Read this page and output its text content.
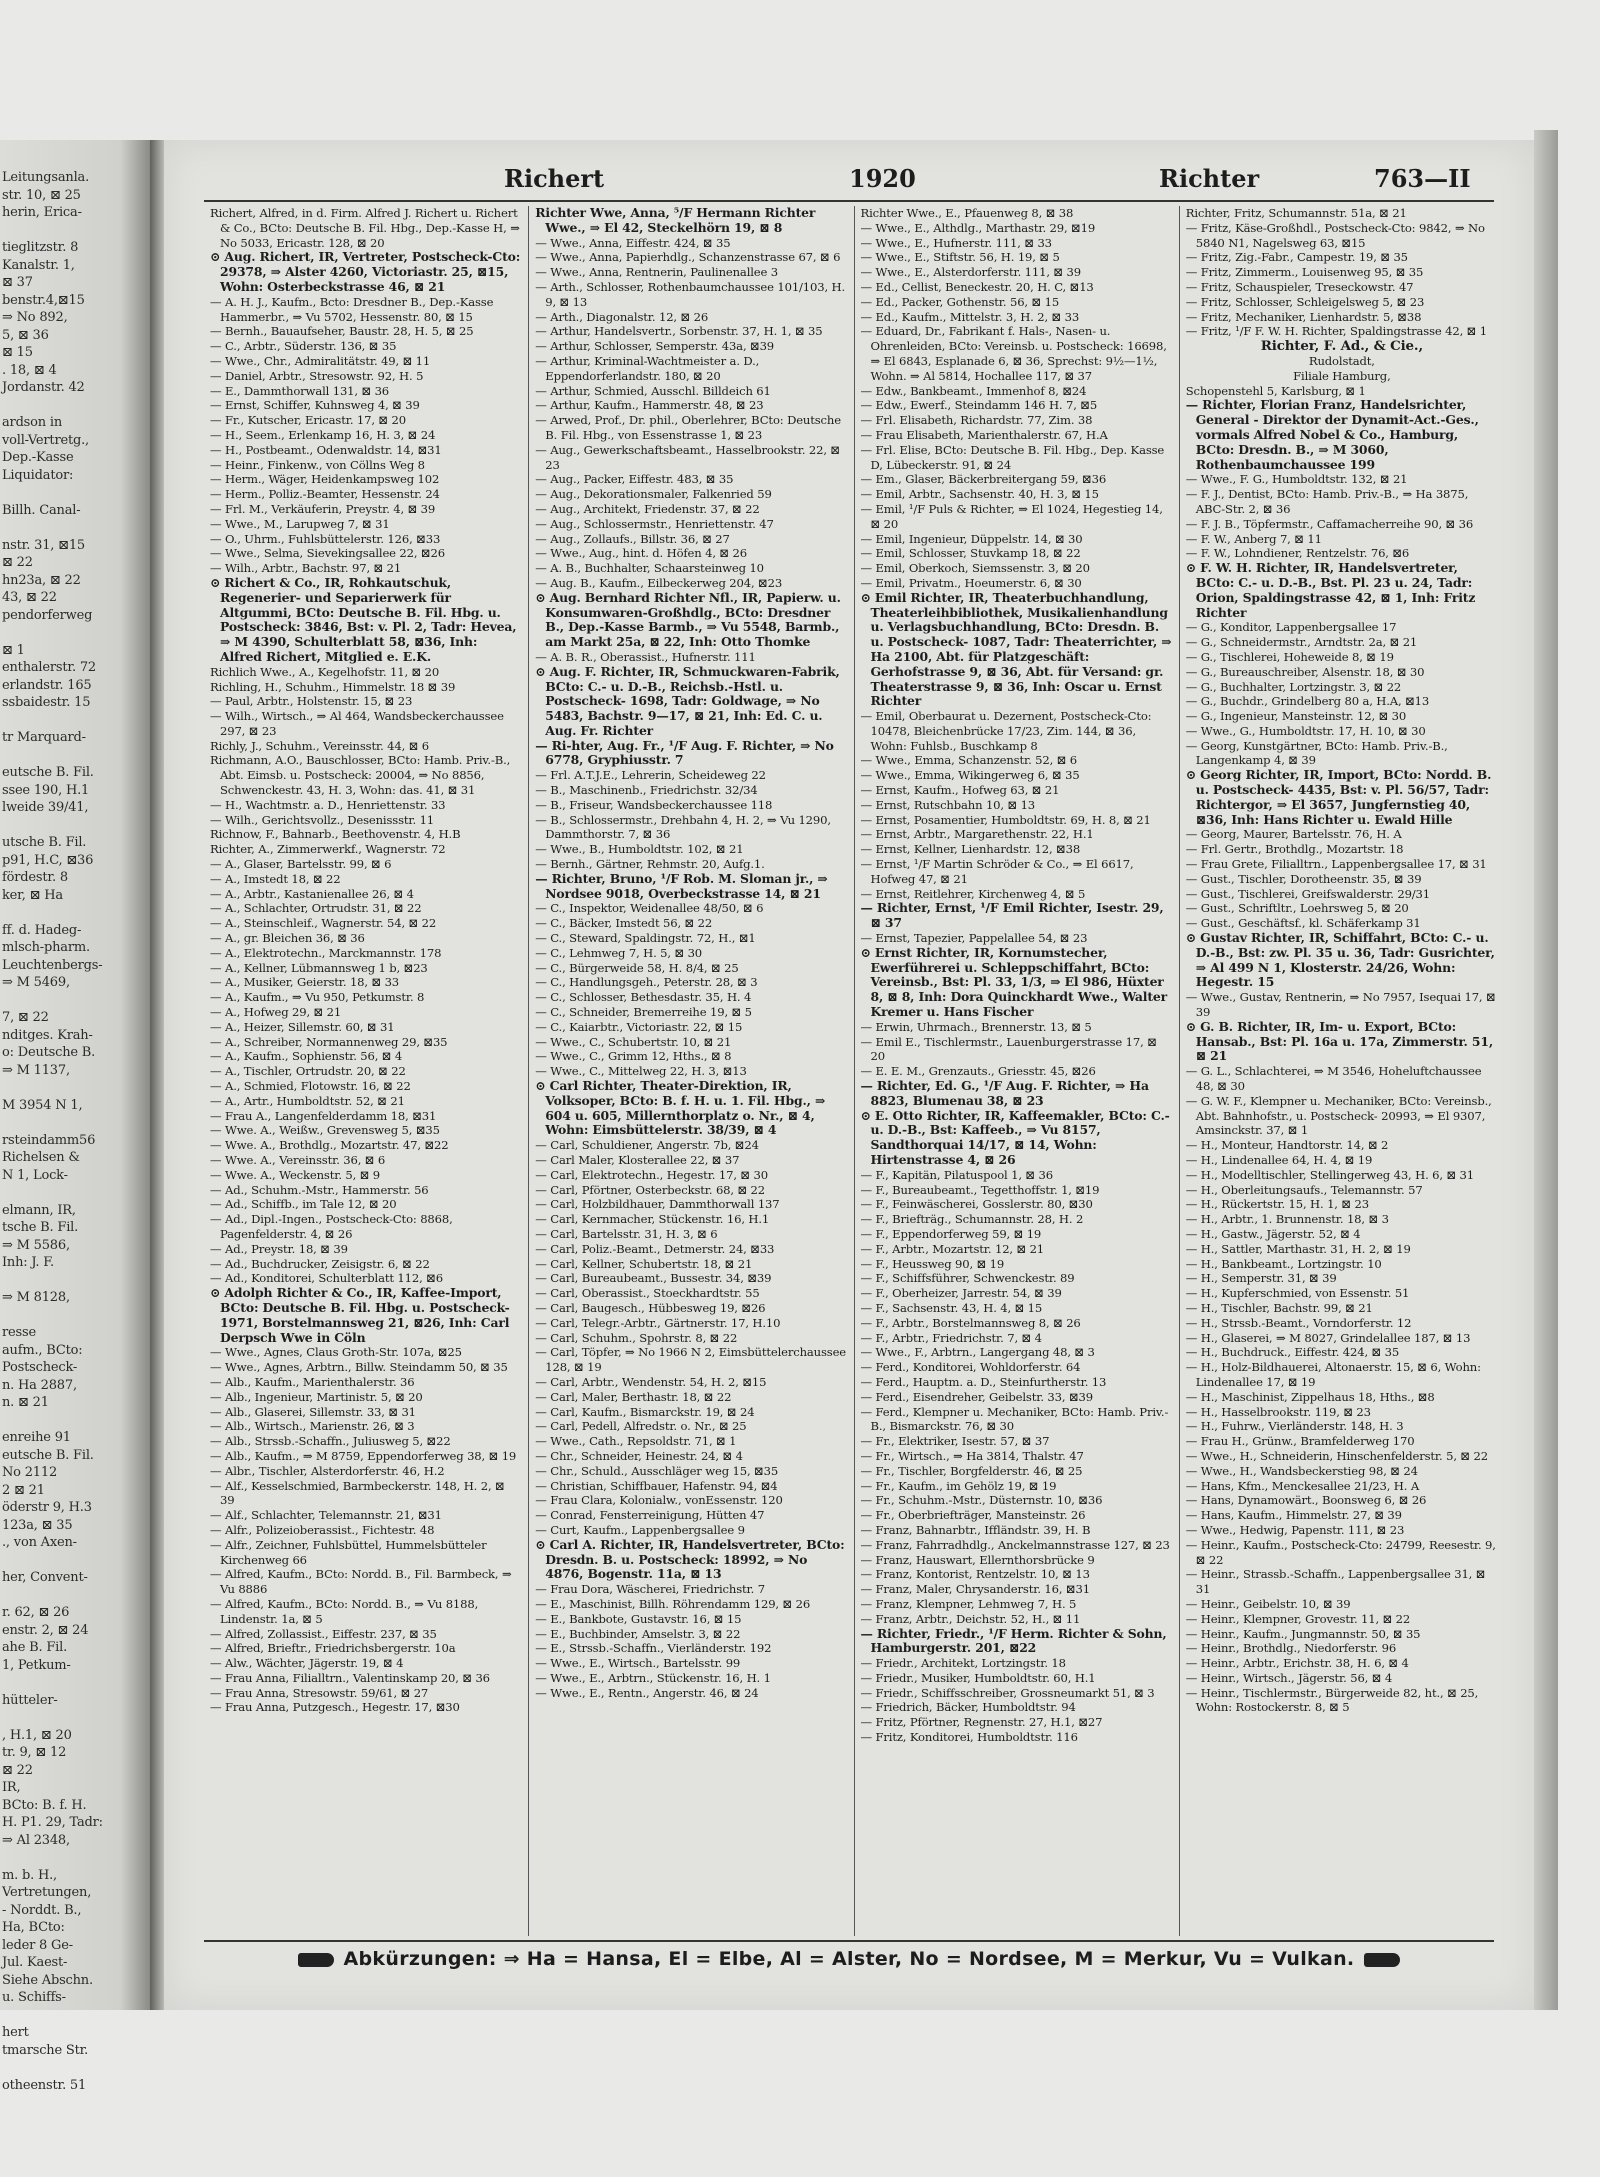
Leitungsanla.
str. 10, ⊠ 25
herin, Erica-
tieglitzstr. 8
Kanalstr. 1,
⊠ 37
benstr.4,⊠15
⇒ No 892,
5, ⊠ 36
⊠ 15
. 18, ⊠ 4
Jordanstr. 42
ardson in
voll-Vertretg.,
Dep.-Kasse
Liquidator:
Billh. Canal-
nstr. 31, ⊠15
⊠ 22
hn23a, ⊠ 22
43, ⊠ 22
pendorferweg
⊠ 1
enthalerstr. 72
erlandstr. 165
ssbaidestr. 15
tr Marquard-
eutsche B. Fil.
ssee 190, H.1
lweide 39/41,
utsche B. Fil.
p91, H.C, ⊠36
fördestr. 8
ker, ⊠ Ha
ff. d. Hadeg-
mlsch-pharm.
Leuchtenbergs-
⇒ M 5469,
7, ⊠ 22
nditges. Krah-
o: Deutsche B.
⇒ M 1137,
M 3954 N 1,
rsteindamm56
Richelsen &
N 1, Lock-
elmann, IR,
tsche B. Fil.
⇒ M 5586,
Inh: J. F.
⇒ M 8128,
resse
aufm., BCto:
Postscheck-
n. Ha 2887,
n. ⊠ 21
enreihe 91
eutsche B. Fil.
No 2112
2 ⊠ 21
öderstr 9, H.3
123a, ⊠ 35
., von Axen-
her, Convent-
r. 62, ⊠ 26
enstr. 2, ⊠ 24
ahe B. Fil.
1, Petkum-
hütteler-
, H.1, ⊠ 20
tr. 9, ⊠ 12
⊠ 22
IR,
BCto: B. f. H.
H. P1. 29, Tadr:
⇒ Al 2348,
m. b. H.,
Vertretungen,
- Norddt. B.,
Ha, BCto:
leder 8 Ge-
Jul. Kaest-
Siehe Abschn.
u. Schiffs-
hert
tmarsche Str.
otheenstr. 51
Richert	1920	Richter	763—II

Richert, Alfred, in d. Firm. Alfred J. Richert u. Richert & Co., BCto: Deutsche B. Fil. Hbg., Dep.-Kasse H, ⇒ No 5033, Ericastr. 128, ⊠ 20

⊙ Aug. Richert, IR, Vertreter, Postscheck-Cto: 29378, ⇒ Alster 4260, Victoriastr. 25, ⊠15, Wohn: Osterbeckstrasse 46, ⊠ 21

— A. H. J., Kaufm., Bcto: Dresdner B., Dep.-Kasse Hammerbr., ⇒ Vu 5702, Hessenstr. 80, ⊠ 15

— Bernh., Bauaufseher, Baustr. 28, H. 5, ⊠ 25

— C., Arbtr., Süderstr. 136, ⊠ 35

— Wwe., Chr., Admiralitätstr. 49, ⊠ 11

— Daniel, Arbtr., Stresowstr. 92, H. 5

— E., Dammthorwall 131, ⊠ 36

— Ernst, Schiffer, Kuhnsweg 4, ⊠ 39

— Fr., Kutscher, Ericastr. 17, ⊠ 20

— H., Seem., Erlenkamp 16, H. 3, ⊠ 24

— H., Postbeamt., Odenwaldstr. 14, ⊠31

— Heinr., Finkenw., von Cöllns Weg 8

— Herm., Wäger, Heidenkampsweg 102

— Herm., Polliz.-Beamter, Hessenstr. 24

— Frl. M., Verkäuferin, Preystr. 4, ⊠ 39

— Wwe., M., Larupweg 7, ⊠ 31

— O., Uhrm., Fuhlsbüttelerstr. 126, ⊠33

— Wwe., Selma, Sievekingsallee 22, ⊠26

— Wilh., Arbtr., Bachstr. 97, ⊠ 21

⊙ Richert & Co., IR, Rohkautschuk, Regenerier- und Separierwerk für Altgummi, BCto: Deutsche B. Fil. Hbg. u. Postscheck: 3846, Bst: v. Pl. 2, Tadr: Hevea, ⇒ M 4390, Schulterblatt 58, ⊠36, Inh: Alfred Richert, Mitglied e. E.K.

Richlich Wwe., A., Kegelhofstr. 11, ⊠ 20

Richling, H., Schuhm., Himmelstr. 18 ⊠ 39

— Paul, Arbtr., Holstenstr. 15, ⊠ 23

— Wilh., Wirtsch., ⇒ Al 464, Wandsbeckerchaussee 297, ⊠ 23

Richly, J., Schuhm., Vereinsstr. 44, ⊠ 6

Richmann, A.O., Bauschlosser, BCto: Hamb. Priv.-B., Abt. Eimsb. u. Postscheck: 20004, ⇒ No 8856, Schwenckestr. 43, H. 3, Wohn: das. 41, ⊠ 31

— H., Wachtmstr. a. D., Henriettenstr. 33

— Wilh., Gerichtsvollz., Desenissstr. 11

Richnow, F., Bahnarb., Beethovenstr. 4, H.B

Richter, A., Zimmerwerkf., Wagnerstr. 72

— A., Glaser, Bartelsstr. 99, ⊠ 6

— A., Imstedt 18, ⊠ 22

— A., Arbtr., Kastanienallee 26, ⊠ 4

— A., Schlachter, Ortrudstr. 31, ⊠ 22

— A., Steinschleif., Wagnerstr. 54, ⊠ 22

— A., gr. Bleichen 36, ⊠ 36

— A., Elektrotechn., Marckmannstr. 178

— A., Kellner, Lübmannsweg 1 b, ⊠23

— A., Musiker, Geierstr. 18, ⊠ 33

— A., Kaufm., ⇒ Vu 950, Petkumstr. 8

— A., Hofweg 29, ⊠ 21

— A., Heizer, Sillemstr. 60, ⊠ 31

— A., Schreiber, Normannenweg 29, ⊠35

— A., Kaufm., Sophienstr. 56, ⊠ 4

— A., Tischler, Ortrudstr. 20, ⊠ 22

— A., Schmied, Flotowstr. 16, ⊠ 22

— A., Artr., Humboldtstr. 52, ⊠ 21

— Frau A., Langenfelderdamm 18, ⊠31

— Wwe. A., Weißw., Grevensweg 5, ⊠35

— Wwe. A., Brothdlg., Mozartstr. 47, ⊠22

— Wwe. A., Vereinsstr. 36, ⊠ 6

— Wwe. A., Weckenstr. 5, ⊠ 9

— Ad., Schuhm.-Mstr., Hammerstr. 56

— Ad., Schiffb., im Tale 12, ⊠ 20

— Ad., Dipl.-Ingen., Postscheck-Cto: 8868, Pagenfelderstr. 4, ⊠ 26

— Ad., Preystr. 18, ⊠ 39

— Ad., Buchdrucker, Zeisigstr. 6, ⊠ 22

— Ad., Konditorei, Schulterblatt 112, ⊠6

⊙ Adolph Richter & Co., IR, Kaffee-Import, BCto: Deutsche B. Fil. Hbg. u. Postscheck- 1971, Borstelmannsweg 21, ⊠26, Inh: Carl Derpsch Wwe in Cöln

— Wwe., Agnes, Claus Groth-Str. 107a, ⊠25

— Wwe., Agnes, Arbtrn., Billw. Steindamm 50, ⊠ 35

— Alb., Kaufm., Marienthalerstr. 36

— Alb., Ingenieur, Martinistr. 5, ⊠ 20

— Alb., Glaserei, Sillemstr. 33, ⊠ 31

— Alb., Wirtsch., Marienstr. 26, ⊠ 3

— Alb., Strssb.-Schaffn., Juliusweg 5, ⊠22

— Alb., Kaufm., ⇒ M 8759, Eppendorferweg 38, ⊠ 19

— Albr., Tischler, Alsterdorferstr. 46, H.2

— Alf., Kesselschmied, Barmbeckerstr. 148, H. 2, ⊠ 39

— Alf., Schlachter, Telemannstr. 21, ⊠31

— Alfr., Polizeioberassist., Fichtestr. 48

— Alfr., Zeichner, Fuhlsbüttel, Hummelsbütteler Kirchenweg 66

— Alfred, Kaufm., BCto: Nordd. B., Fil. Barmbeck, ⇒ Vu 8886

— Alfred, Kaufm., BCto: Nordd. B., ⇒ Vu 8188, Lindenstr. 1a, ⊠ 5

— Alfred, Zollassist., Eiffestr. 237, ⊠ 35

— Alfred, Brieftr., Friedrichsbergerstr. 10a

— Alw., Wächter, Jägerstr. 19, ⊠ 4

— Frau Anna, Filialltrn., Valentinskamp 20, ⊠ 36

— Frau Anna, Stresowstr. 59/61, ⊠ 27

— Frau Anna, Putzgesch., Hegestr. 17, ⊠30

Richter Wwe, Anna, ⁵/F Hermann Richter Wwe., ⇒ El 42, Steckelhörn 19, ⊠ 8

— Wwe., Anna, Eiffestr. 424, ⊠ 35

— Wwe., Anna, Papierhdlg., Schanzenstrasse 67, ⊠ 6

— Wwe., Anna, Rentnerin, Paulinenallee 3

— Arth., Schlosser, Rothenbaumchaussee 101/103, H. 9, ⊠ 13

— Arth., Diagonalstr. 12, ⊠ 26

— Arthur, Handelsvertr., Sorbenstr. 37, H. 1, ⊠ 35

— Arthur, Schlosser, Semperstr. 43a, ⊠39

— Arthur, Kriminal-Wachtmeister a. D., Eppendorferlandstr. 180, ⊠ 20

— Arthur, Schmied, Ausschl. Billdeich 61

— Arthur, Kaufm., Hammerstr. 48, ⊠ 23

— Arwed, Prof., Dr. phil., Oberlehrer, BCto: Deutsche B. Fil. Hbg., von Essenstrasse 1, ⊠ 23

— Aug., Gewerkschaftsbeamt., Hasselbrookstr. 22, ⊠ 23

— Aug., Packer, Eiffestr. 483, ⊠ 35

— Aug., Dekorationsmaler, Falkenried 59

— Aug., Architekt, Friedenstr. 37, ⊠ 22

— Aug., Schlossermstr., Henriettenstr. 47

— Aug., Zollaufs., Billstr. 36, ⊠ 27

— Wwe., Aug., hint. d. Höfen 4, ⊠ 26

— A. B., Buchhalter, Schaarsteinweg 10

— Aug. B., Kaufm., Eilbeckerweg 204, ⊠23

⊙ Aug. Bernhard Richter Nfl., IR, Papierw. u. Konsumwaren-Großhdlg., BCto: Dresdner B., Dep.-Kasse Barmb., ⇒ Vu 5548, Barmb., am Markt 25a, ⊠ 22, Inh: Otto Thomke

— A. B. R., Oberassist., Hufnerstr. 111

⊙ Aug. F. Richter, IR, Schmuckwaren-Fabrik, BCto: C.- u. D.-B., Reichsb.-Hstl. u. Postscheck- 1698, Tadr: Goldwage, ⇒ No 5483, Bachstr. 9—17, ⊠ 21, Inh: Ed. C. u. Aug. Fr. Richter

— Ri-hter, Aug. Fr., ¹/F Aug. F. Richter, ⇒ No 6778, Gryphiusstr. 7

— Frl. A.T.J.E., Lehrerin, Scheideweg 22

— B., Maschinenb., Friedrichstr. 32/34

— B., Friseur, Wandsbeckerchaussee 118

— B., Schlossermstr., Drehbahn 4, H. 2, ⇒ Vu 1290, Dammthorstr. 7, ⊠ 36

— Wwe., B., Humboldtstr. 102, ⊠ 21

— Bernh., Gärtner, Rehmstr. 20, Aufg.1.

— Richter, Bruno, ¹/F Rob. M. Sloman jr., ⇒ Nordsee 9018, Overbeckstrasse 14, ⊠ 21

— C., Inspektor, Weidenallee 48/50, ⊠ 6

— C., Bäcker, Imstedt 56, ⊠ 22

— C., Steward, Spaldingstr. 72, H., ⊠1

— C., Lehmweg 7, H. 5, ⊠ 30

— C., Bürgerweide 58, H. 8/4, ⊠ 25

— C., Handlungsgeh., Peterstr. 28, ⊠ 3

— C., Schlosser, Bethesdastr. 35, H. 4

— C., Schneider, Bremerreihe 19, ⊠ 5

— C., Kaiarbtr., Victoriastr. 22, ⊠ 15

— Wwe., C., Schubertstr. 10, ⊠ 21

— Wwe., C., Grimm 12, Hths., ⊠ 8

— Wwe., C., Mittelweg 22, H. 3, ⊠13

⊙ Carl Richter, Theater-Direktion, IR, Volksoper, BCto: B. f. H. u. 1. Fil. Hbg., ⇒ 604 u. 605, Millernthorplatz o. Nr., ⊠ 4, Wohn: Eimsbüttelerstr. 38/39, ⊠ 4

— Carl, Schuldiener, Angerstr. 7b, ⊠24

— Carl Maler, Klosterallee 22, ⊠ 37

— Carl, Elektrotechn., Hegestr. 17, ⊠ 30

— Carl, Pförtner, Osterbeckstr. 68, ⊠ 22

— Carl, Holzbildhauer, Dammthorwall 137

— Carl, Kernmacher, Stückenstr. 16, H.1

— Carl, Bartelsstr. 31, H. 3, ⊠ 6

— Carl, Poliz.-Beamt., Detmerstr. 24, ⊠33

— Carl, Kellner, Schubertstr. 18, ⊠ 21

— Carl, Bureaubeamt., Bussestr. 34, ⊠39

— Carl, Oberassist., Stoeckhardtstr. 55

— Carl, Baugesch., Hübbesweg 19, ⊠26

— Carl, Telegr.-Arbtr., Gärtnerstr. 17, H.10

— Carl, Schuhm., Spohrstr. 8, ⊠ 22

— Carl, Töpfer, ⇒ No 1966 N 2, Eimsbüttelerchaussee 128, ⊠ 19

— Carl, Arbtr., Wendenstr. 54, H. 2, ⊠15

— Carl, Maler, Berthastr. 18, ⊠ 22

— Carl, Kaufm., Bismarckstr. 19, ⊠ 24

— Carl, Pedell, Alfredstr. o. Nr., ⊠ 25

— Wwe., Cath., Repsoldstr. 71, ⊠ 1

— Chr., Schneider, Heinestr. 24, ⊠ 4

— Chr., Schuld., Ausschläger weg 15, ⊠35

— Christian, Schiffbauer, Hafenstr. 94, ⊠4

— Frau Clara, Kolonialw., vonEssenstr. 120

— Conrad, Fensterreinigung, Hütten 47

— Curt, Kaufm., Lappenbergsallee 9

⊙ Carl A. Richter, IR, Handelsvertreter, BCto: Dresdn. B. u. Postscheck: 18992, ⇒ No 4876, Bogenstr. 11a, ⊠ 13

— Frau Dora, Wäscherei, Friedrichstr. 7

— E., Maschinist, Billh. Röhrendamm 129, ⊠ 26

— E., Bankbote, Gustavstr. 16, ⊠ 15

— E., Buchbinder, Amselstr. 3, ⊠ 22

— E., Strssb.-Schaffn., Vierländerstr. 192

— Wwe., E., Wirtsch., Bartelsstr. 99

— Wwe., E., Arbtrn., Stückenstr. 16, H. 1

— Wwe., E., Rentn., Angerstr. 46, ⊠ 24

Richter Wwe., E., Pfauenweg 8, ⊠ 38

— Wwe., E., Althdlg., Marthastr. 29, ⊠19

— Wwe., E., Hufnerstr. 111, ⊠ 33

— Wwe., E., Stiftstr. 56, H. 19, ⊠ 5

— Wwe., E., Alsterdorferstr. 111, ⊠ 39

— Ed., Cellist, Beneckestr. 20, H. C, ⊠13

— Ed., Packer, Gothenstr. 56, ⊠ 15

— Ed., Kaufm., Mittelstr. 3, H. 2, ⊠ 33

— Eduard, Dr., Fabrikant f. Hals-, Nasen- u. Ohrenleiden, BCto: Vereinsb. u. Postscheck: 16698, ⇒ El 6843, Esplanade 6, ⊠ 36, Sprechst: 9½—1½, Wohn. ⇒ Al 5814, Hochallee 117, ⊠ 37

— Edw., Bankbeamt., Immenhof 8, ⊠24

— Edw., Ewerf., Steindamm 146 H. 7, ⊠5

— Frl. Elisabeth, Richardstr. 77, Zim. 38

— Frau Elisabeth, Marienthalerstr. 67, H.A

— Frl. Elise, BCto: Deutsche B. Fil. Hbg., Dep. Kasse D, Lübeckerstr. 91, ⊠ 24

— Em., Glaser, Bäckerbreitergang 59, ⊠36

— Emil, Arbtr., Sachsenstr. 40, H. 3, ⊠ 15

— Emil, ¹/F Puls & Richter, ⇒ El 1024, Hegestieg 14, ⊠ 20

— Emil, Ingenieur, Düppelstr. 14, ⊠ 30

— Emil, Schlosser, Stuvkamp 18, ⊠ 22

— Emil, Oberkoch, Siemssenstr. 3, ⊠ 20

— Emil, Privatm., Hoeumerstr. 6, ⊠ 30

⊙ Emil Richter, IR, Theaterbuchhandlung, Theaterleihbibliothek, Musikalienhandlung u. Verlagsbuchhandlung, BCto: Dresdn. B. u. Postscheck- 1087, Tadr: Theaterrichter, ⇒ Ha 2100, Abt. für Platzgeschäft: Gerhofstrasse 9, ⊠ 36, Abt. für Versand: gr. Theaterstrasse 9, ⊠ 36, Inh: Oscar u. Ernst Richter

— Emil, Oberbaurat u. Dezernent, Postscheck-Cto: 10478, Bleichenbrücke 17/23, Zim. 144, ⊠ 36, Wohn: Fuhlsb., Buschkamp 8

— Wwe., Emma, Schanzenstr. 52, ⊠ 6

— Wwe., Emma, Wikingerweg 6, ⊠ 35

— Ernst, Kaufm., Hofweg 63, ⊠ 21

— Ernst, Rutschbahn 10, ⊠ 13

— Ernst, Posamentier, Humboldtstr. 69, H. 8, ⊠ 21

— Ernst, Arbtr., Margarethenstr. 22, H.1

— Ernst, Kellner, Lienhardstr. 12, ⊠38

— Ernst, ¹/F Martin Schröder & Co., ⇒ El 6617, Hofweg 47, ⊠ 21

— Ernst, Reitlehrer, Kirchenweg 4, ⊠ 5

— Richter, Ernst, ¹/F Emil Richter, Isestr. 29, ⊠ 37

— Ernst, Tapezier, Pappelallee 54, ⊠ 23

⊙ Ernst Richter, IR, Kornumstecher, Ewerführerei u. Schleppschiffahrt, BCto: Vereinsb., Bst: Pl. 33, 1/3, ⇒ El 986, Hüxter 8, ⊠ 8, Inh: Dora Quinckhardt Wwe., Walter Kremer u. Hans Fischer

— Erwin, Uhrmach., Brennerstr. 13, ⊠ 5

— Emil E., Tischlermstr., Lauenburgerstrasse 17, ⊠ 20

— E. E. M., Grenzauts., Griesstr. 45, ⊠26

— Richter, Ed. G., ¹/F Aug. F. Richter, ⇒ Ha 8823, Blumenau 38, ⊠ 23

⊙ E. Otto Richter, IR, Kaffeemakler, BCto: C.- u. D.-B., Bst: Kaffeeb., ⇒ Vu 8157, Sandthorquai 14/17, ⊠ 14, Wohn: Hirtenstrasse 4, ⊠ 26

— F., Kapitän, Pilatuspool 1, ⊠ 36

— F., Bureaubeamt., Tegetthoffstr. 1, ⊠19

— F., Feinwäscherei, Gosslerstr. 80, ⊠30

— F., Briefträg., Schumannstr. 28, H. 2

— F., Eppendorferweg 59, ⊠ 19

— F., Arbtr., Mozartstr. 12, ⊠ 21

— F., Heussweg 90, ⊠ 19

— F., Schiffsführer, Schwenckestr. 89

— F., Oberheizer, Jarrestr. 54, ⊠ 39

— F., Sachsenstr. 43, H. 4, ⊠ 15

— F., Arbtr., Borstelmannsweg 8, ⊠ 26

— F., Arbtr., Friedrichstr. 7, ⊠ 4

— Wwe., F., Arbtrn., Langergang 48, ⊠ 3

— Ferd., Konditorei, Wohldorferstr. 64

— Ferd., Hauptm. a. D., Steinfurtherstr. 13

— Ferd., Eisendreher, Geibelstr. 33, ⊠39

— Ferd., Klempner u. Mechaniker, BCto: Hamb. Priv.-B., Bismarckstr. 76, ⊠ 30

— Fr., Elektriker, Isestr. 57, ⊠ 37

— Fr., Wirtsch., ⇒ Ha 3814, Thalstr. 47

— Fr., Tischler, Borgfelderstr. 46, ⊠ 25

— Fr., Kaufm., im Gehölz 19, ⊠ 19

— Fr., Schuhm.-Mstr., Düsternstr. 10, ⊠36

— Fr., Oberbriefträger, Mansteinstr. 26

— Franz, Bahnarbtr., Iffländstr. 39, H. B

— Franz, Fahrradhdlg., Anckelmannstrasse 127, ⊠ 23

— Franz, Hauswart, Ellernthorsbrücke 9

— Franz, Kontorist, Rentzelstr. 10, ⊠ 13

— Franz, Maler, Chrysanderstr. 16, ⊠31

— Franz, Klempner, Lehmweg 7, H. 5

— Franz, Arbtr., Deichstr. 52, H., ⊠ 11

— Richter, Friedr., ¹/F Herm. Richter & Sohn, Hamburgerstr. 201, ⊠22

— Friedr., Architekt, Lortzingstr. 18

— Friedr., Musiker, Humboldtstr. 60, H.1

— Friedr., Schiffsschreiber, Grossneumarkt 51, ⊠ 3

— Friedrich, Bäcker, Humboldtstr. 94

— Fritz, Pförtner, Regnenstr. 27, H.1, ⊠27

— Fritz, Konditorei, Humboldtstr. 116

Richter, Fritz, Schumannstr. 51a, ⊠ 21

— Fritz, Käse-Großhdl., Postscheck-Cto: 9842, ⇒ No 5840 N1, Nagelsweg 63, ⊠15

— Fritz, Zig.-Fabr., Campestr. 19, ⊠ 35

— Fritz, Zimmerm., Louisenweg 95, ⊠ 35

— Fritz, Schauspieler, Treseckowstr. 47

— Fritz, Schlosser, Schleigelsweg 5, ⊠ 23

— Fritz, Mechaniker, Lienhardstr. 5, ⊠38

— Fritz, ¹/F F. W. H. Richter, Spaldingstrasse 42, ⊠ 1

Richter, F. Ad., & Cie.,

Rudolstadt,

Filiale Hamburg,

Schopenstehl 5, Karlsburg, ⊠ 1

— Richter, Florian Franz, Handelsrichter, General - Direktor der Dynamit-Act.-Ges., vormals Alfred Nobel & Co., Hamburg, BCto: Dresdn. B., ⇒ M 3060, Rothenbaumchaussee 199

— Wwe., F. G., Humboldtstr. 132, ⊠ 21

— F. J., Dentist, BCto: Hamb. Priv.-B., ⇒ Ha 3875, ABC-Str. 2, ⊠ 36

— F. J. B., Töpfermstr., Caffamacherreihe 90, ⊠ 36

— F. W., Anberg 7, ⊠ 11

— F. W., Lohndiener, Rentzelstr. 76, ⊠6

⊙ F. W. H. Richter, IR, Handelsvertreter, BCto: C.- u. D.-B., Bst. Pl. 23 u. 24, Tadr: Orion, Spaldingstrasse 42, ⊠ 1, Inh: Fritz Richter

— G., Konditor, Lappenbergsallee 17

— G., Schneidermstr., Arndtstr. 2a, ⊠ 21

— G., Tischlerei, Hoheweide 8, ⊠ 19

— G., Bureauschreiber, Alsenstr. 18, ⊠ 30

— G., Buchhalter, Lortzingstr. 3, ⊠ 22

— G., Buchdr., Grindelberg 80 a, H.A, ⊠13

— G., Ingenieur, Mansteinstr. 12, ⊠ 30

— Wwe., G., Humboldtstr. 17, H. 10, ⊠ 30

— Georg, Kunstgärtner, BCto: Hamb. Priv.-B., Langenkamp 4, ⊠ 39

⊙ Georg Richter, IR, Import, BCto: Nordd. B. u. Postscheck- 4435, Bst: v. Pl. 56/57, Tadr: Richtergor, ⇒ El 3657, Jungfernstieg 40, ⊠36, Inh: Hans Richter u. Ewald Hille

— Georg, Maurer, Bartelsstr. 76, H. A

— Frl. Gertr., Brothdlg., Mozartstr. 18

— Frau Grete, Filialltrn., Lappenbergsallee 17, ⊠ 31

— Gust., Tischler, Dorotheenstr. 35, ⊠ 39

— Gust., Tischlerei, Greifswalderstr. 29/31

— Gust., Schriftltr., Loehrsweg 5, ⊠ 20

— Gust., Geschäftsf., kl. Schäferkamp 31

⊙ Gustav Richter, IR, Schiffahrt, BCto: C.- u. D.-B., Bst: zw. Pl. 35 u. 36, Tadr: Gusrichter, ⇒ Al 499 N 1, Klosterstr. 24/26, Wohn: Hegestr. 15

— Wwe., Gustav, Rentnerin, ⇒ No 7957, Isequai 17, ⊠ 39

⊙ G. B. Richter, IR, Im- u. Export, BCto: Hansab., Bst: Pl. 16a u. 17a, Zimmerstr. 51, ⊠ 21

— G. L., Schlachterei, ⇒ M 3546, Hoheluftchaussee 48, ⊠ 30

— G. W. F., Klempner u. Mechaniker, BCto: Vereinsb., Abt. Bahnhofstr., u. Postscheck- 20993, ⇒ El 9307, Amsinckstr. 37, ⊠ 1

— H., Monteur, Handtorstr. 14, ⊠ 2

— H., Lindenallee 64, H. 4, ⊠ 19

— H., Modelltischler, Stellingerweg 43, H. 6, ⊠ 31

— H., Oberleitungsaufs., Telemannstr. 57

— H., Rückertstr. 15, H. 1, ⊠ 23

— H., Arbtr., 1. Brunnenstr. 18, ⊠ 3

— H., Gastw., Jägerstr. 52, ⊠ 4

— H., Sattler, Marthastr. 31, H. 2, ⊠ 19

— H., Bankbeamt., Lortzingstr. 10

— H., Semperstr. 31, ⊠ 39

— H., Kupferschmied, von Essenstr. 51

— H., Tischler, Bachstr. 99, ⊠ 21

— H., Strssb.-Beamt., Vorndorferstr. 12

— H., Glaserei, ⇒ M 8027, Grindelallee 187, ⊠ 13

— H., Buchdruck., Eiffestr. 424, ⊠ 35

— H., Holz-Bildhauerei, Altonaerstr. 15, ⊠ 6, Wohn: Lindenallee 17, ⊠ 19

— H., Maschinist, Zippelhaus 18, Hths., ⊠8

— H., Hasselbrookstr. 119, ⊠ 23

— H., Fuhrw., Vierländerstr. 148, H. 3

— Frau H., Grünw., Bramfelderweg 170

— Wwe., H., Schneiderin, Hinschenfelderstr. 5, ⊠ 22

— Wwe., H., Wandsbeckerstieg 98, ⊠ 24

— Hans, Kfm., Menckesallee 21/23, H. A

— Hans, Dynamowärt., Boonsweg 6, ⊠ 26

— Hans, Kaufm., Himmelstr. 27, ⊠ 39

— Wwe., Hedwig, Papenstr. 111, ⊠ 23

— Heinr., Kaufm., Postscheck-Cto: 24799, Reesestr. 9, ⊠ 22

— Heinr., Strassb.-Schaffn., Lappenbergsallee 31, ⊠ 31

— Heinr., Geibelstr. 10, ⊠ 39

— Heinr., Klempner, Grovestr. 11, ⊠ 22

— Heinr., Kaufm., Jungmannstr. 50, ⊠ 35

— Heinr., Brothdlg., Niedorferstr. 96

— Heinr., Arbtr., Erichstr. 38, H. 6, ⊠ 4

— Heinr., Wirtsch., Jägerstr. 56, ⊠ 4

— Heinr., Tischlermstr., Bürgerweide 82, ht., ⊠ 25, Wohn: Rostockerstr. 8, ⊠ 5

Abkürzungen: ⇒ Ha = Hansa, El = Elbe, Al = Alster, No = Nordsee, M = Merkur, Vu = Vulkan.
